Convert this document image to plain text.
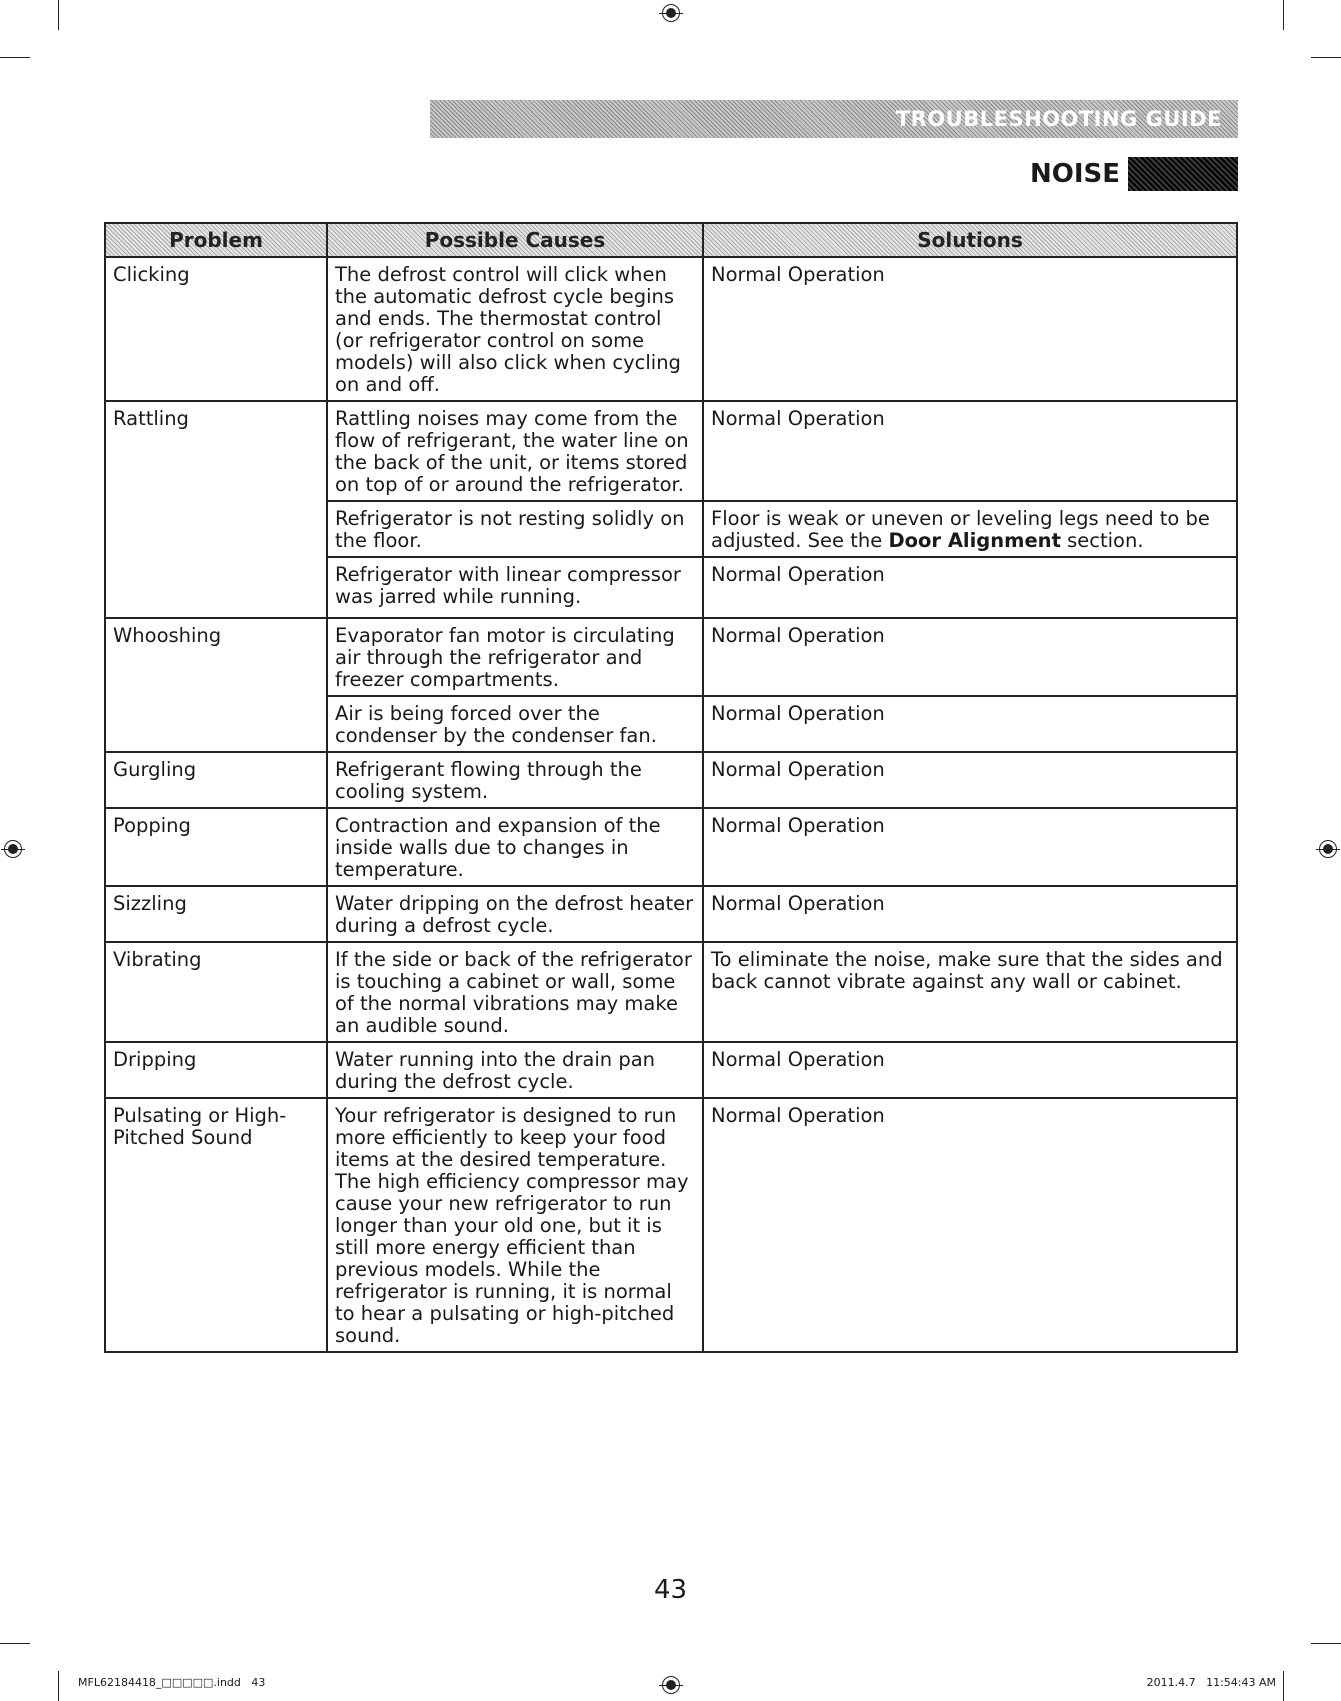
TROUBLESHOOTING GUIDE
NOISE
Problem	Possible Causes	Solutions
Clicking	The defrost control will click when the automatic defrost cycle begins and ends. The thermostat control (or refrigerator control on some models) will also click when cycling on and off.	Normal Operation
Rattling	Rattling noises may come from the flow of refrigerant, the water line on the back of the unit, or items stored on top of or around the refrigerator.	Normal Operation
	Refrigerator is not resting solidly on the floor.	Floor is weak or uneven or leveling legs need to be adjusted. See the Door Alignment section.
	Refrigerator with linear compressor was jarred while running.	Normal Operation
Whooshing	Evaporator fan motor is circulating air through the refrigerator and freezer compartments.	Normal Operation
	Air is being forced over the condenser by the condenser fan.	Normal Operation
Gurgling	Refrigerant flowing through the cooling system.	Normal Operation
Popping	Contraction and expansion of the inside walls due to changes in temperature.	Normal Operation
Sizzling	Water dripping on the defrost heater during a defrost cycle.	Normal Operation
Vibrating	If the side or back of the refrigerator is touching a cabinet or wall, some of the normal vibrations may make an audible sound.	To eliminate the noise, make sure that the sides and back cannot vibrate against any wall or cabinet.
Dripping	Water running into the drain pan during the defrost cycle.	Normal Operation
Pulsating or High-Pitched Sound	Your refrigerator is designed to run more efficiently to keep your food items at the desired temperature. The high efficiency compressor may cause your new refrigerator to run longer than your old one, but it is still more energy efficient than previous models. While the refrigerator is running, it is normal to hear a pulsating or high-pitched sound.	Normal Operation
43
MFL62184418_□□□□□.indd   43	2011.4.7   11:54:43 AM
